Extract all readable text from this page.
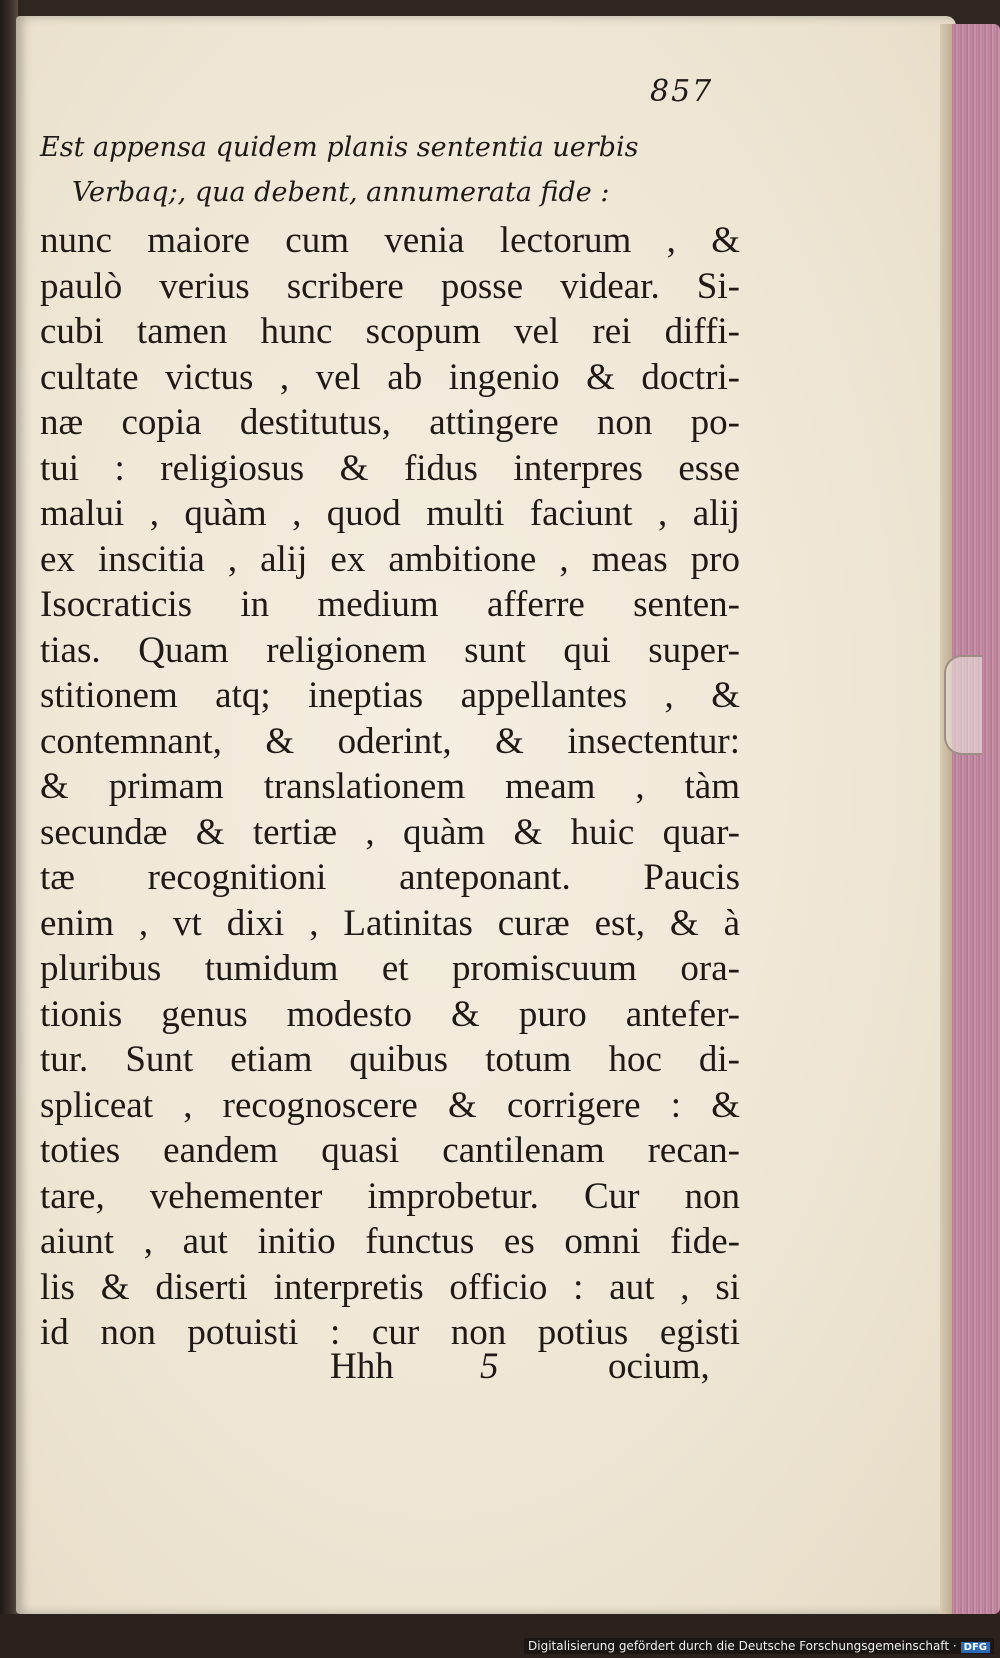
857
Est appensa quidem planis sententia uerbis
Verbaq;, qua debent, annumerata fide :
nunc maiore cum venia lectorum , &
paulò verius scribere posse videar. Si-
cubi tamen hunc scopum vel rei diffi-
cultate victus , vel ab ingenio & doctri-
næ copia destitutus, attingere non po-
tui : religiosus & fidus interpres esse
malui , quàm , quod multi faciunt , alij
ex inscitia , alij ex ambitione , meas pro
Isocraticis in medium afferre senten-
tias. Quam religionem sunt qui super-
stitionem atq; ineptias appellantes , &
contemnant, & oderint, & insectentur:
& primam translationem meam , tàm
secundæ & tertiæ , quàm & huic quar-
tæ recognitioni anteponant. Paucis
enim , vt dixi , Latinitas curæ est, & à
pluribus tumidum et promiscuum ora-
tionis genus modesto & puro antefer-
tur. Sunt etiam quibus totum hoc di-
spliceat , recognoscere & corrigere : &
toties eandem quasi cantilenam recan-
tare, vehementer improbetur. Cur non
aiunt , aut initio functus es omni fide-
lis & diserti interpretis officio : aut , si
id non potuisti : cur non potius egisti
Hhh 5	ocium,
Digitalisierung gefördert durch die Deutsche Forschungsgemeinschaft · DFG
